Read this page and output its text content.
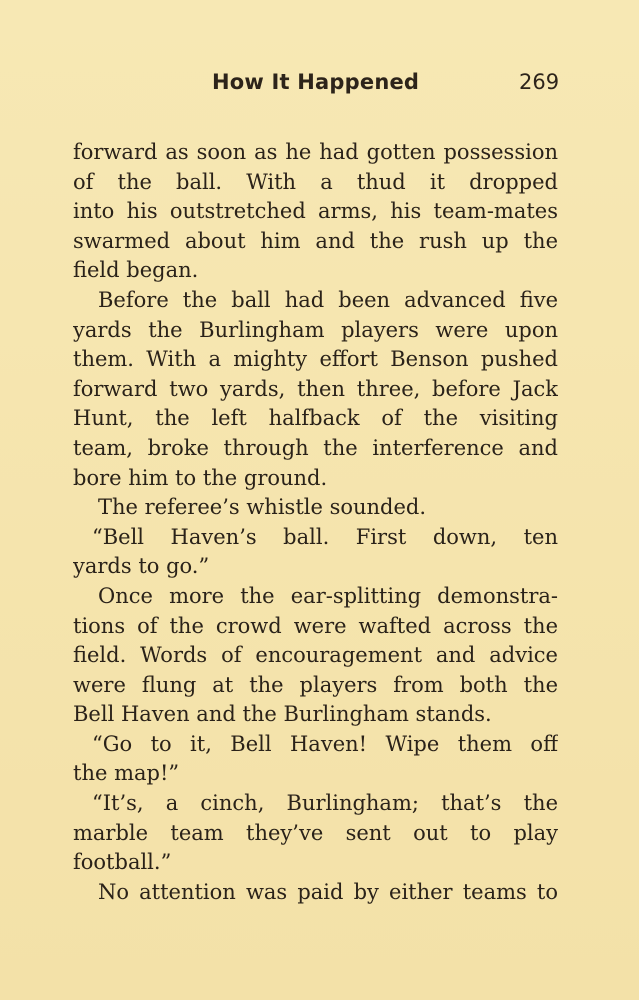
How It Happened	269
forward as soon as he had gotten possession
of the ball. With a thud it dropped
into his outstretched arms, his team-mates
swarmed about him and the rush up the
field began.
Before the ball had been advanced five
yards the Burlingham players were upon
them. With a mighty effort Benson pushed
forward two yards, then three, before Jack
Hunt, the left halfback of the visiting
team, broke through the interference and
bore him to the ground.
The referee’s whistle sounded.
“Bell Haven’s ball. First down, ten
yards to go.”
Once more the ear-splitting demonstra-
tions of the crowd were wafted across the
field. Words of encouragement and advice
were flung at the players from both the
Bell Haven and the Burlingham stands.
“Go to it, Bell Haven! Wipe them off
the map!”
“It’s, a cinch, Burlingham; that’s the
marble team they’ve sent out to play
football.”
No attention was paid by either teams to
